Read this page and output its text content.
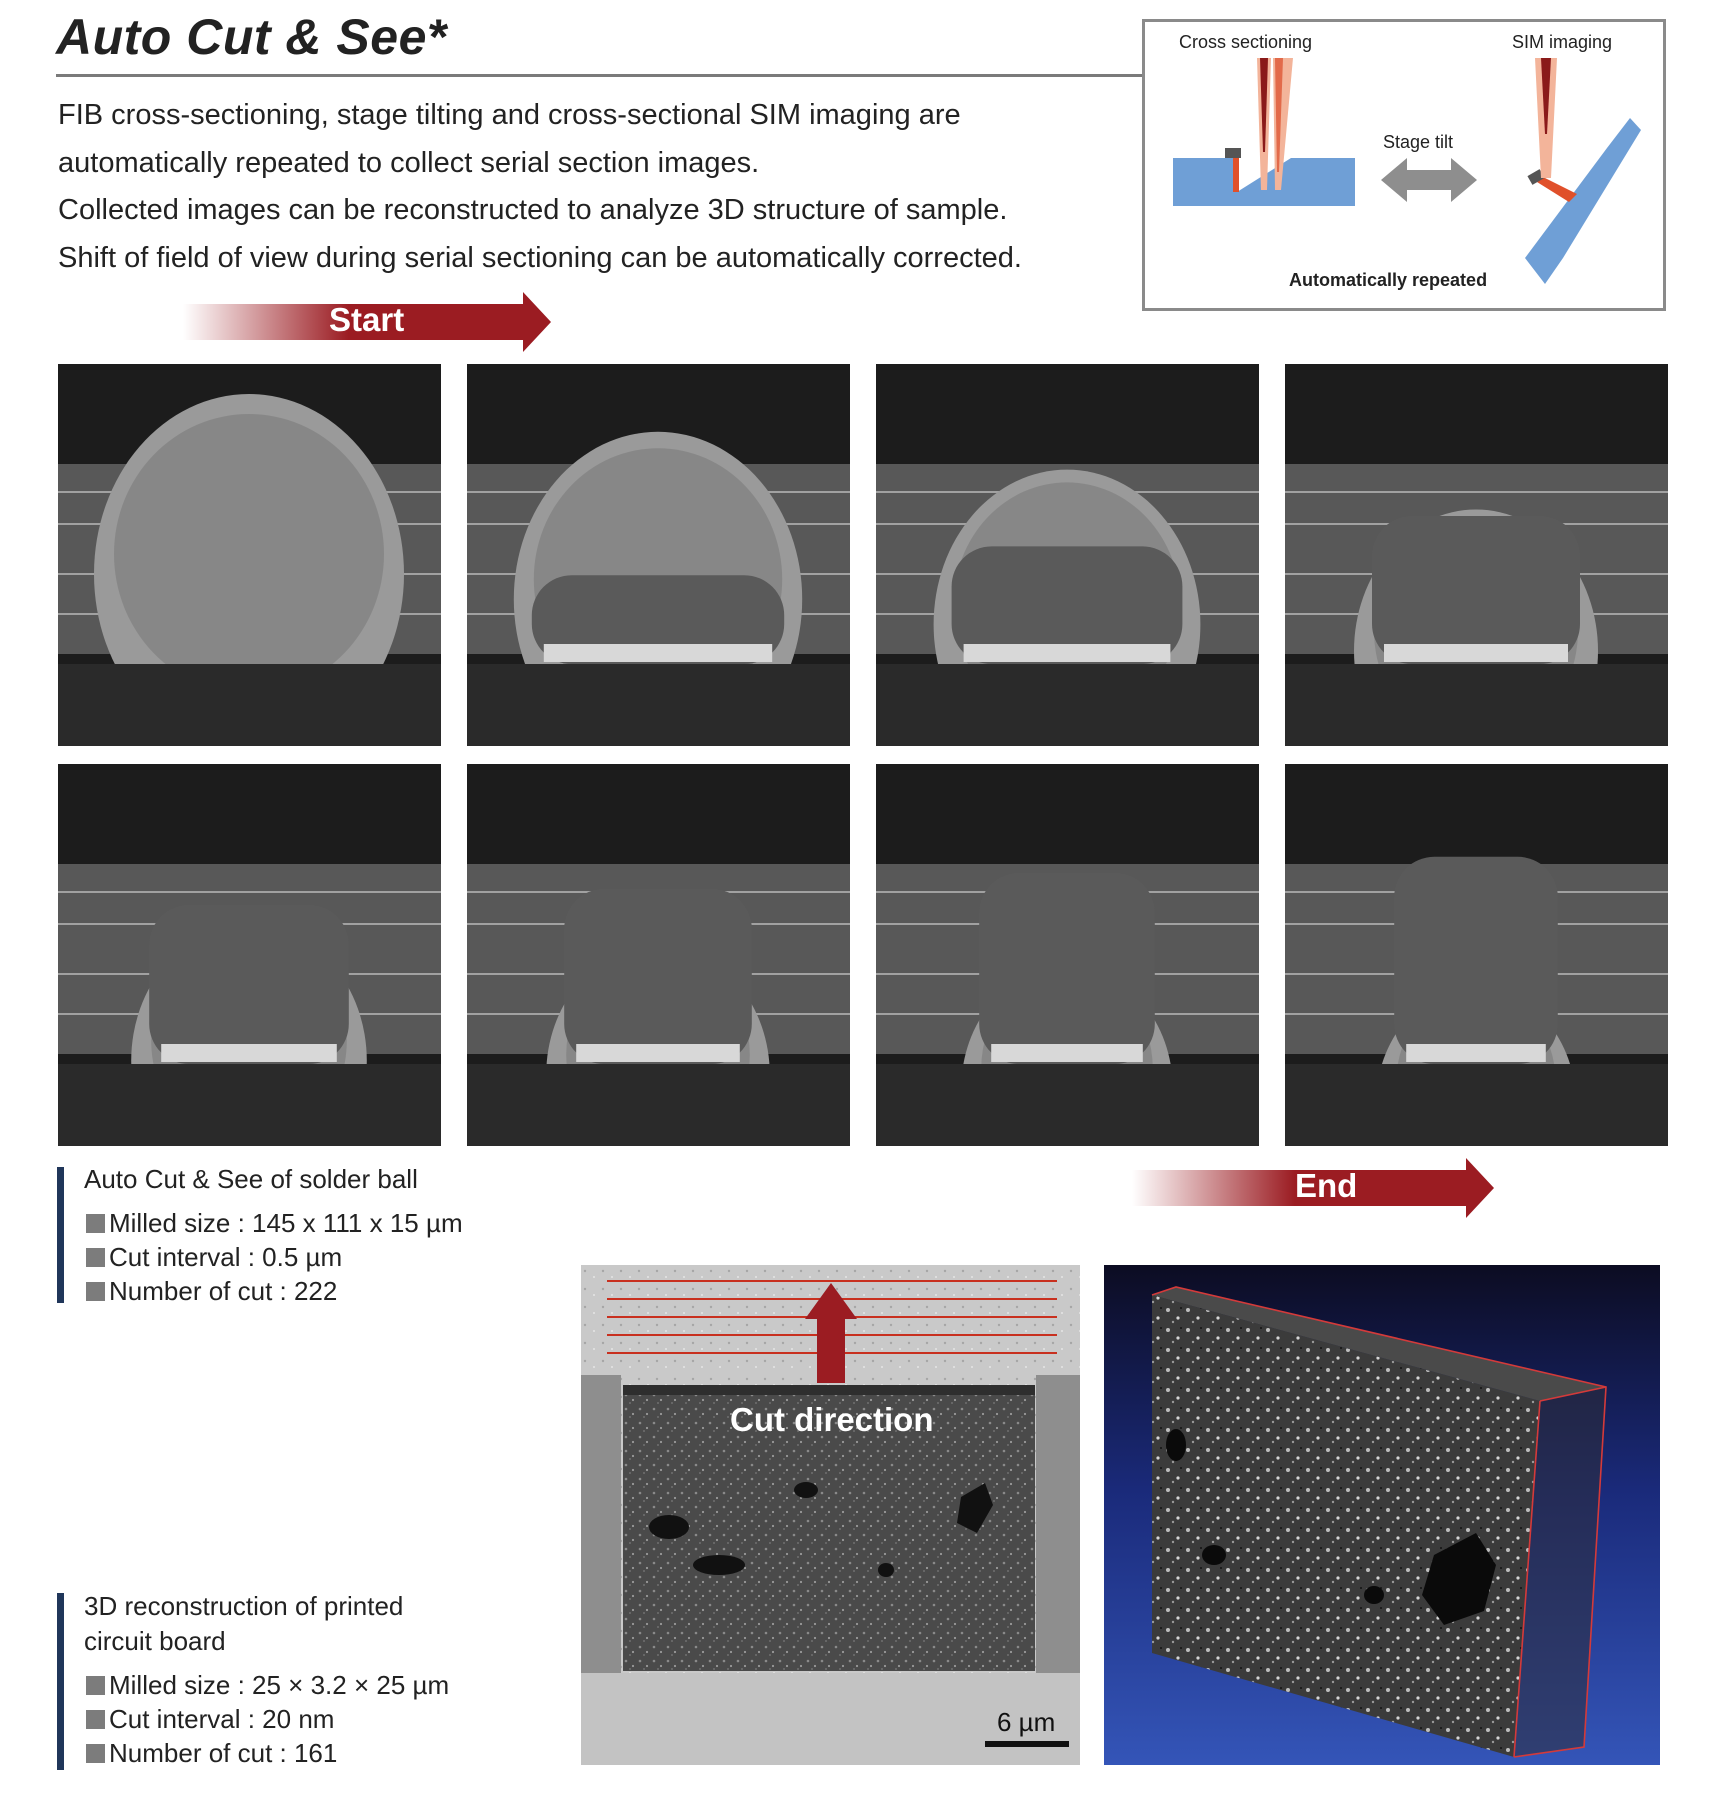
Auto Cut & See*

FIB cross-sectioning, stage tilting and cross-sectional SIM imaging are

automatically repeated to collect serial section images.

Collected images can be reconstructed to analyze 3D structure of sample.

Shift of field of view during serial sectioning can be automatically corrected.

Cross sectioning	SIM imaging
Stage tilt
Automatically repeated
Start
End
Auto Cut & See of solder ball
Milled size : 145 x 111 x 15 µm
Cut interval : 0.5 µm
Number of cut : 222
3D reconstruction of printed
circuit board
Milled size : 25 × 3.2 × 25 µm
Cut interval : 20 nm
Number of cut : 161
Cut direction
6 µm
